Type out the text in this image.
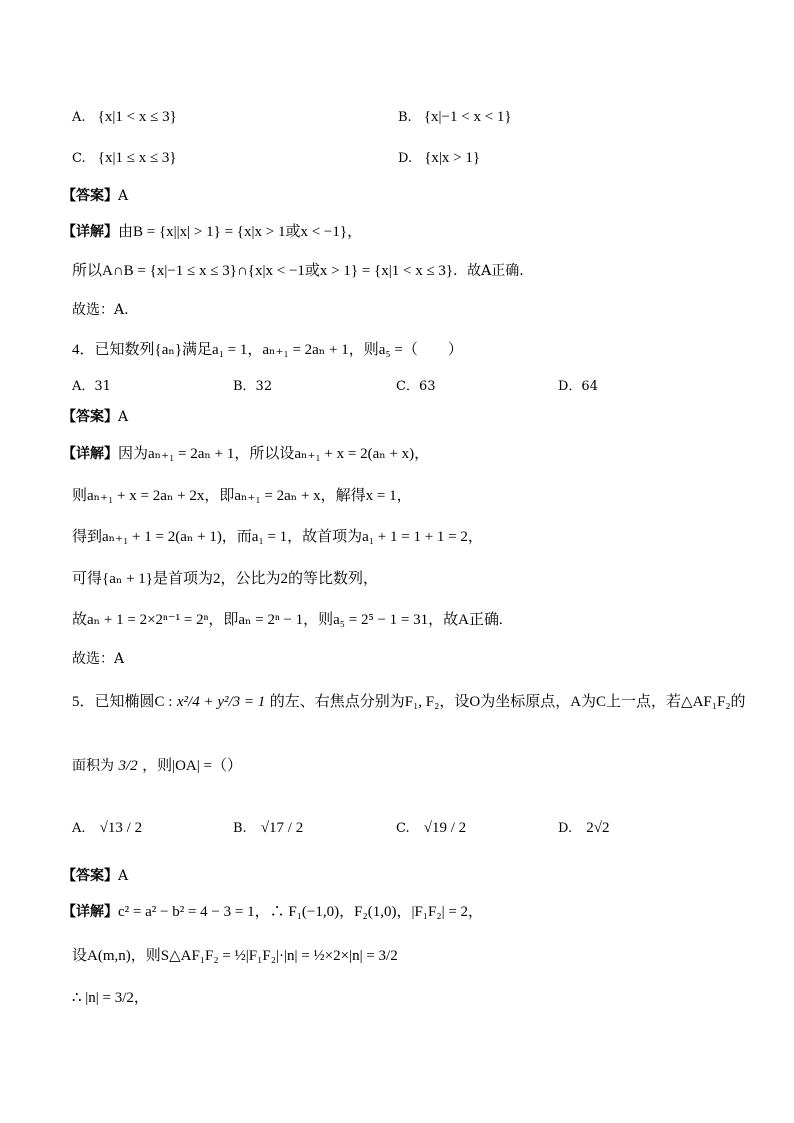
A. {x|1 < x ≤ 3}	B. {x|−1 < x < 1}
C. {x|1 ≤ x ≤ 3}	D. {x|x > 1}
【答案】A
【详解】由B = {x||x| > 1} = {x|x > 1或x < −1}，
所以A∩B = {x|−1 ≤ x ≤ 3}∩{x|x < −1或x > 1} = {x|1 < x ≤ 3}．故A正确.
故选：A.
4．已知数列{aₙ}满足a₁ = 1，aₙ₊₁ = 2aₙ + 1，则a₅ =（　　）
A．31	B．32	C．63	D．64
【答案】A
【详解】因为aₙ₊₁ = 2aₙ + 1，所以设aₙ₊₁ + x = 2(aₙ + x)，
则aₙ₊₁ + x = 2aₙ + 2x，即aₙ₊₁ = 2aₙ + x，解得x = 1，
得到aₙ₊₁ + 1 = 2(aₙ + 1)，而a₁ = 1，故首项为a₁ + 1 = 1 + 1 = 2，
可得{aₙ + 1}是首项为2，公比为2的等比数列，
故aₙ + 1 = 2×2ⁿ⁻¹ = 2ⁿ，即aₙ = 2ⁿ − 1，则a₅ = 2⁵ − 1 = 31，故A正确.
故选：A
5．已知椭圆C : x²/4 + y²/3 = 1 的左、右焦点分别为F₁, F₂，设O为坐标原点，A为C上一点，若△AF₁F₂的
面积为 3/2 ，则|OA| =（）
A. √13 / 2	B. √17 / 2	C. √19 / 2	D. 2√2
【答案】A
【详解】c² = a² − b² = 4 − 3 = 1，∴ F₁(−1,0)，F₂(1,0)，|F₁F₂| = 2，
设A(m,n)，则S△AF₁F₂ = ½|F₁F₂|·|n| = ½×2×|n| = 3/2
∴ |n| = 3/2，
